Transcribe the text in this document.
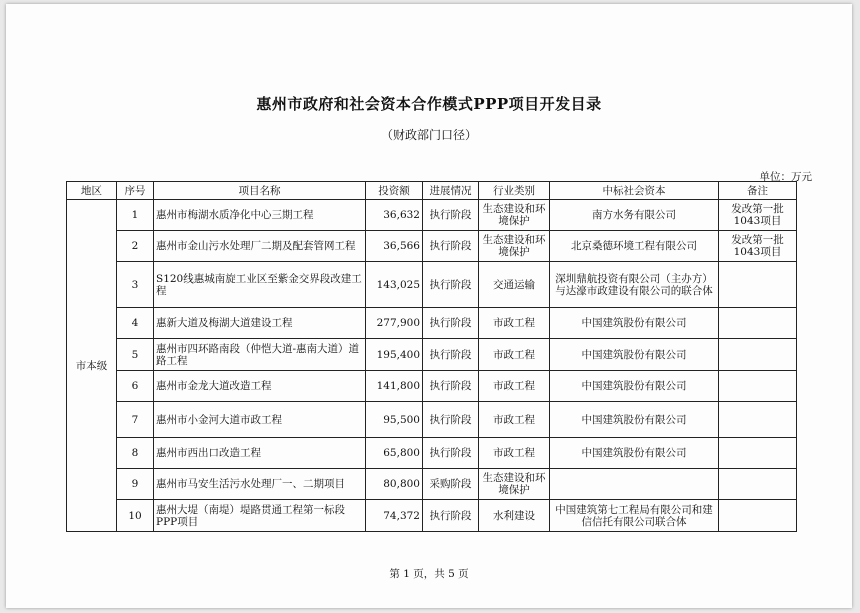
惠州市政府和社会资本合作模式PPP项目开发目录
（财政部门口径）
单位：万元
地区	序号	项目名称	投资额	进展情况	行业类别	中标社会资本	备注
市本级	1	惠州市梅湖水质净化中心三期工程	36,632	执行阶段	生态建设和环境保护	南方水务有限公司	发改第一批1043项目
	2	惠州市金山污水处理厂二期及配套管网工程	36,566	执行阶段	生态建设和环境保护	北京桑德环境工程有限公司	发改第一批1043项目
	3	S120线惠城南旋工业区至紫金交界段改建工程	143,025	执行阶段	交通运输	深圳鼎航投资有限公司（主办方）与达濠市政建设有限公司的联合体	
	4	惠新大道及梅湖大道建设工程	277,900	执行阶段	市政工程	中国建筑股份有限公司	
	5	惠州市四环路南段（仲恺大道-惠南大道）道路工程	195,400	执行阶段	市政工程	中国建筑股份有限公司	
	6	惠州市金龙大道改造工程	141,800	执行阶段	市政工程	中国建筑股份有限公司	
	7	惠州市小金河大道市政工程	95,500	执行阶段	市政工程	中国建筑股份有限公司	
	8	惠州市西出口改造工程	65,800	执行阶段	市政工程	中国建筑股份有限公司	
	9	惠州市马安生活污水处理厂一、二期项目	80,800	采购阶段	生态建设和环境保护		
	10	惠州大堤（南堤）堤路贯通工程第一标段PPP项目	74,372	执行阶段	水利建设	中国建筑第七工程局有限公司和建信信托有限公司联合体	
第 1 页，共 5 页
